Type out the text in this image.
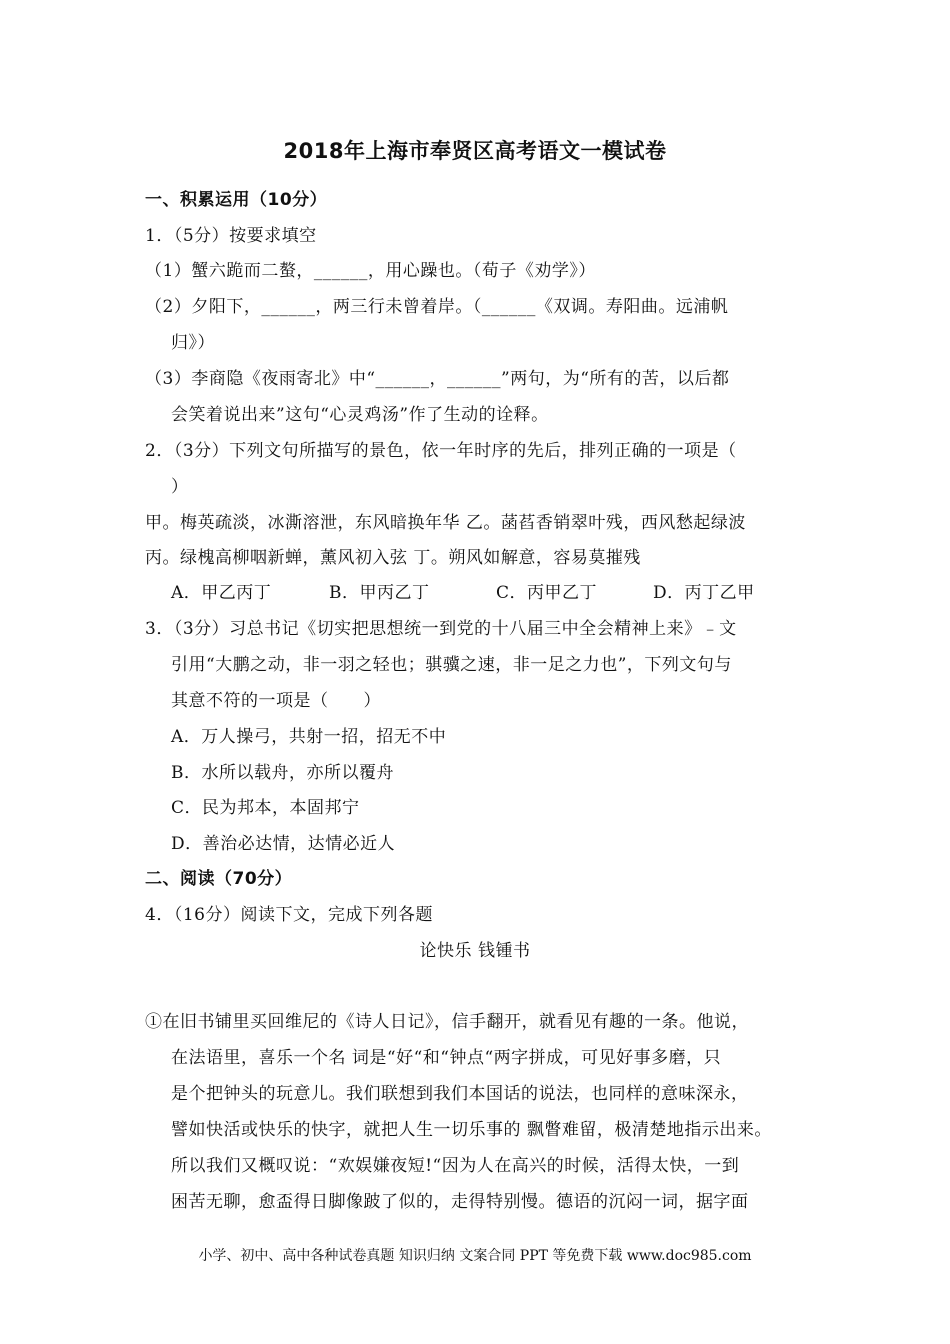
2018年上海市奉贤区高考语文一模试卷
一、积累运用（10分）
1．（5分）按要求填空
（1）蟹六跪而二螯，______，用心躁也。（荀子《劝学》）
（2）夕阳下，______，两三行未曾着岸。（______《双调。寿阳曲。远浦帆
归》）
（3）李商隐《夜雨寄北》中“______，______”两句，为“所有的苦，以后都
会笑着说出来”这句“心灵鸡汤”作了生动的诠释。
2．（3分）下列文句所描写的景色，依一年时序的先后，排列正确的一项是（
）
甲。梅英疏淡，冰澌溶泄，东风暗换年华 乙。菡萏香销翠叶残，西风愁起绿波
丙。绿槐高柳咽新蝉，薰风初入弦 丁。朔风如解意，容易莫摧残
A．甲乙丙丁	B．甲丙乙丁	C．丙甲乙丁	D．丙丁乙甲
3．（3分）习总书记《切实把思想统一到党的十八届三中全会精神上来》﹣文
引用“大鹏之动，非一羽之轻也；骐骥之速，非一足之力也”，下列文句与
其意不符的一项是（　　）
A．万人操弓，共射一招，招无不中
B．水所以载舟，亦所以覆舟
C．民为邦本，本固邦宁
D．善治必达情，达情必近人
二、阅读（70分）
4．（16分）阅读下文，完成下列各题
论快乐 钱锺书
①在旧书铺里买回维尼的《诗人日记》，信手翻开，就看见有趣的一条。他说，
在法语里，喜乐一个名 词是“好“和“钟点“两字拼成，可见好事多磨，只
是个把钟头的玩意儿。我们联想到我们本国话的说法，也同样的意味深永，
譬如快活或快乐的快字，就把人生一切乐事的 飘瞥难留，极清楚地指示出来。
所以我们又概叹说：“欢娱嫌夜短!“因为人在高兴的时候，活得太快，一到
困苦无聊，愈盃得日脚像跛了似的，走得特别慢。德语的沉闷一词，据字面
小学、初中、高中各种试卷真题 知识归纳 文案合同 PPT 等免费下载 www.doc985.com
